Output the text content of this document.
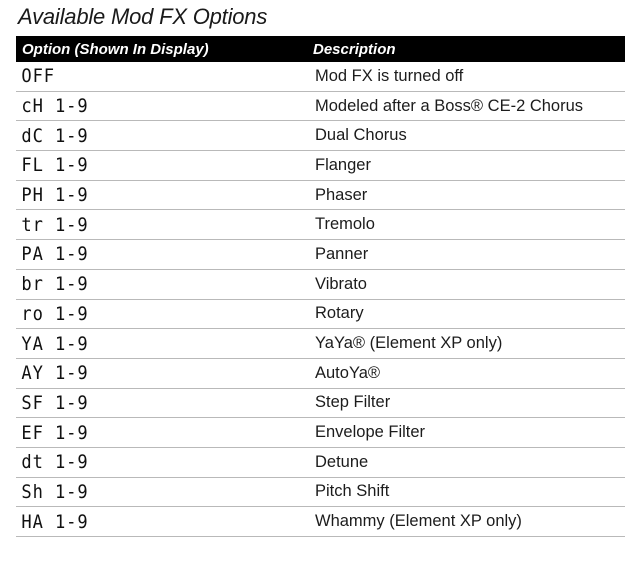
Available Mod FX Options
Option (Shown In Display)	Description
OFF	Mod FX is turned off
cH 1-9	Modeled after a Boss® CE-2 Chorus
dC 1-9	Dual Chorus
FL 1-9	Flanger
PH 1-9	Phaser
tr 1-9	Tremolo
PA 1-9	Panner
br 1-9	Vibrato
ro 1-9	Rotary
YA 1-9	YaYa® (Element XP only)
AY 1-9	AutoYa®
SF 1-9	Step Filter
EF 1-9	Envelope Filter
dt 1-9	Detune
Sh 1-9	Pitch Shift
HA 1-9	Whammy (Element XP only)
